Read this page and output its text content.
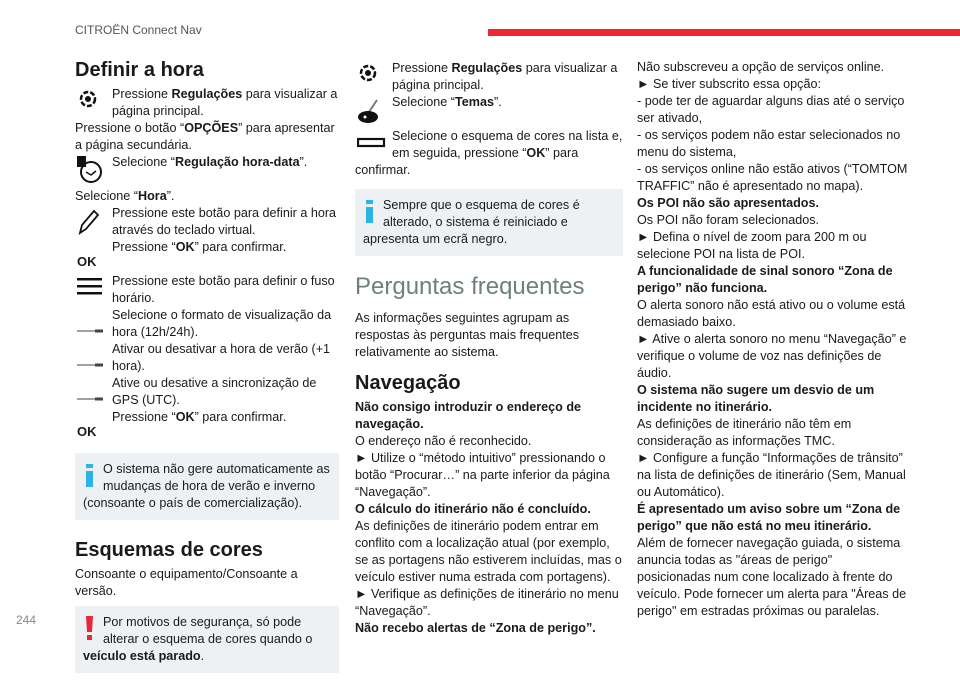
CITROËN Connect Nav
244
Definir a hora

Pressione Regulações para visualizar a página principal.

Pressione o botão “OPÇÕES” para apresentar a página secundária.

Selecione “Regulação hora-data”.

Selecione “Hora”.

Pressione este botão para definir a hora através do teclado virtual.

OK

Pressione “OK” para confirmar.

Pressione este botão para definir o fuso horário.

Selecione o formato de visualização da hora (12h/24h).

Ativar ou desativar a hora de verão (+1 hora).

Ative ou desative a sincronização de GPS (UTC).

OK

Pressione “OK” para confirmar.

O sistema não gere automaticamente as mudanças de hora de verão e inverno (consoante o país de comercialização).

Esquemas de cores

Consoante o equipamento/Consoante a versão.

Por motivos de segurança, só pode alterar o esquema de cores quando o veículo está parado.

Pressione Regulações para visualizar a página principal.

Selecione “Temas”.

Selecione o esquema de cores na lista e, em seguida, pressione “OK” para confirmar.

Sempre que o esquema de cores é alterado, o sistema é reiniciado e apresenta um ecrã negro.

Perguntas frequentes

As informações seguintes agrupam as respostas às perguntas mais frequentes relativamente ao sistema.

Navegação

Não consigo introduzir o endereço de navegação.

O endereço não é reconhecido.

► Utilize o “método intuitivo” pressionando o botão “Procurar…” na parte inferior da página “Navegação”.

O cálculo do itinerário não é concluído.

As definições de itinerário podem entrar em conflito com a localização atual (por exemplo, se as portagens não estiverem incluídas, mas o veículo estiver numa estrada com portagens).

► Verifique as definições de itinerário no menu “Navegação”.

Não recebo alertas de “Zona de perigo”.

Não subscreveu a opção de serviços online.

► Se tiver subscrito essa opção:

- pode ter de aguardar alguns dias até o serviço ser ativado,

- os serviços podem não estar selecionados no menu do sistema,

- os serviços online não estão ativos (“TOMTOM TRAFFIC” não é apresentado no mapa).

Os POI não são apresentados.

Os POI não foram selecionados.

► Defina o nível de zoom para 200 m ou selecione POI na lista de POI.

A funcionalidade de sinal sonoro “Zona de perigo” não funciona.

O alerta sonoro não está ativo ou o volume está demasiado baixo.

► Ative o alerta sonoro no menu “Navegação” e verifique o volume de voz nas definições de áudio.

O sistema não sugere um desvio de um incidente no itinerário.

As definições de itinerário não têm em consideração as informações TMC.

► Configure a função “Informações de trânsito” na lista de definições de itinerário (Sem, Manual ou Automático).

É apresentado um aviso sobre um “Zona de perigo” que não está no meu itinerário.

Além de fornecer navegação guiada, o sistema anuncia todas as "áreas de perigo" posicionadas num cone localizado à frente do veículo. Pode fornecer um alerta para "Áreas de perigo" em estradas próximas ou paralelas.
